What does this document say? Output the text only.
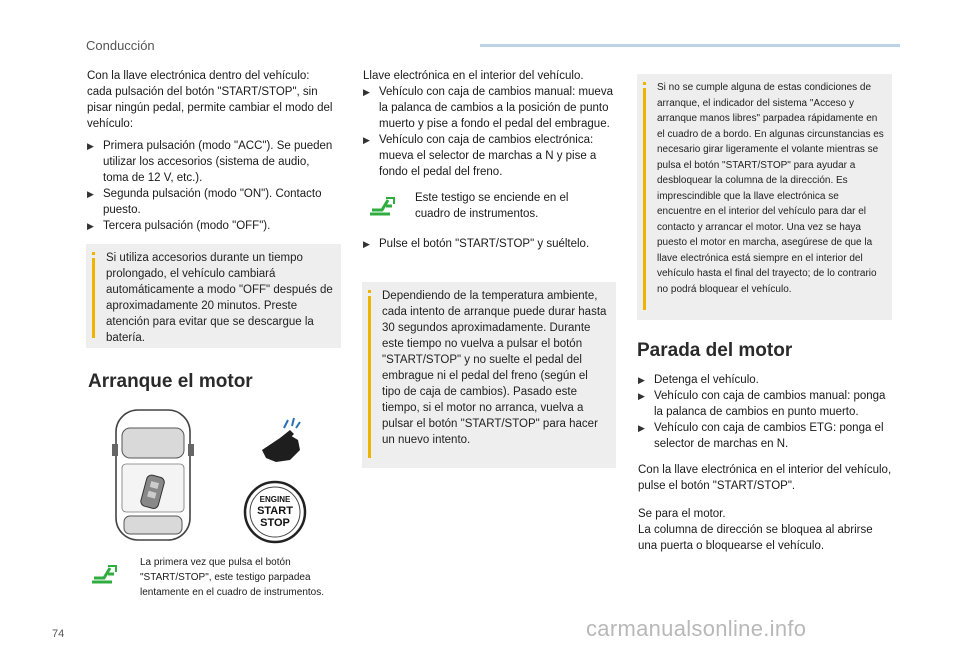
Conducción

Con la llave electrónica dentro del vehículo: cada pulsación del botón "START/STOP", sin pisar ningún pedal, permite cambiar el modo del vehículo:

▶ Primera pulsación (modo "ACC"). Se pueden utilizar los accesorios (sistema de audio, toma de 12 V, etc.).
▶ Segunda pulsación (modo "ON"). Contacto puesto.
▶ Tercera pulsación (modo "OFF").
Si utiliza accesorios durante un tiempo prolongado, el vehículo cambiará automáticamente a modo "OFF" después de aproximadamente 20 minutos. Preste atención para evitar que se descargue la batería.
Arranque el motor
ENGINE
START
STOP
La primera vez que pulsa el botón "START/STOP", este testigo parpadea lentamente en el cuadro de instrumentos.

Llave electrónica en el interior del vehículo.

▶ Vehículo con caja de cambios manual: mueva la palanca de cambios a la posición de punto muerto y pise a fondo el pedal del embrague.
▶ Vehículo con caja de cambios electrónica: mueva el selector de marchas a N y pise a fondo el pedal del freno.
Este testigo se enciende en el cuadro de instrumentos.
▶ Pulse el botón "START/STOP" y suéltelo.
Dependiendo de la temperatura ambiente, cada intento de arranque puede durar hasta 30 segundos aproximadamente. Durante este tiempo no vuelva a pulsar el botón "START/STOP" y no suelte el pedal del embrague ni el pedal del freno (según el tipo de caja de cambios). Pasado este tiempo, si el motor no arranca, vuelva a pulsar el botón "START/STOP" para hacer un nuevo intento.
Si no se cumple alguna de estas condiciones de arranque, el indicador del sistema "Acceso y arranque manos libres" parpadea rápidamente en el cuadro de a bordo. En algunas circunstancias es necesario girar ligeramente el volante mientras se pulsa el botón "START/STOP" para ayudar a desbloquear la columna de la dirección. Es imprescindible que la llave electrónica se encuentre en el interior del vehículo para dar el contacto y arrancar el motor. Una vez se haya puesto el motor en marcha, asegúrese de que la llave electrónica está siempre en el interior del vehículo hasta el final del trayecto; de lo contrario no podrá bloquear el vehículo.
Parada del motor
▶ Detenga el vehículo.
▶ Vehículo con caja de cambios manual: ponga la palanca de cambios en punto muerto.
▶ Vehículo con caja de cambios ETG: ponga el selector de marchas en N.

Con la llave electrónica en el interior del vehículo, pulse el botón "START/STOP".

Se para el motor.

La columna de dirección se bloquea al abrirse una puerta o bloquearse el vehículo.

74	carmanualsonline.info
